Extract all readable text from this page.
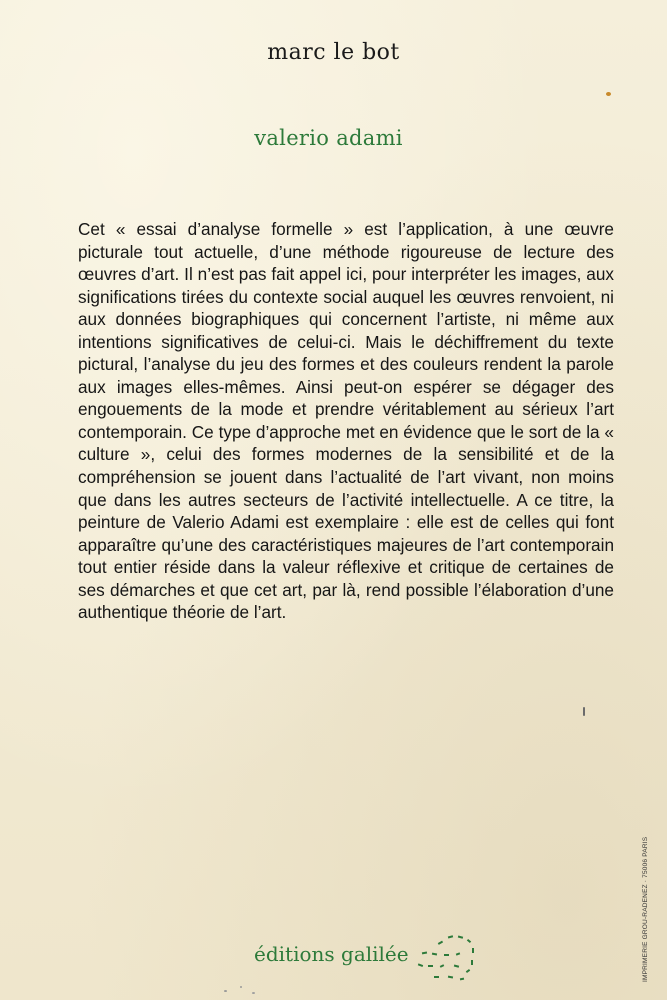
marc le bot
valerio adami

Cet « essai d’analyse formelle » est l’application, à une œuvre picturale tout actuelle, d’une méthode rigoureuse de lecture des œuvres d’art. Il n’est pas fait appel ici, pour interpréter les images, aux significations tirées du contexte social auquel les œuvres renvoient, ni aux données biographiques qui concernent l’artiste, ni même aux intentions significatives de celui-ci. Mais le déchiffrement du texte pictural, l’analyse du jeu des formes et des couleurs rendent la parole aux images elles-mêmes. Ainsi peut-on espérer se dégager des engouements de la mode et prendre véritablement au sérieux l’art contemporain. Ce type d’approche met en évidence que le sort de la « culture », celui des formes modernes de la sensibilité et de la compréhension se jouent dans l’actualité de l’art vivant, non moins que dans les autres secteurs de l’activité intellectuelle. A ce titre, la peinture de Valerio Adami est exemplaire : elle est de celles qui font apparaître qu’une des caractéristiques majeures de l’art contemporain tout entier réside dans la valeur réflexive et critique de certaines de ses démarches et que cet art, par là, rend possible l’élaboration d’une authentique théorie de l’art.

IMPRIMERIE GROU-RADENEZ · 75006 PARIS
éditions galilée
